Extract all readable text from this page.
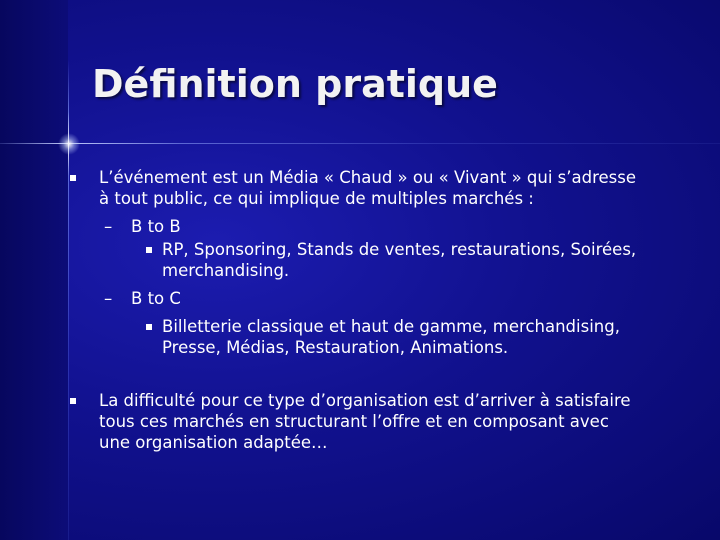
Définition pratique

L’événement est un Média « Chaud » ou « Vivant » qui s’adresse

à tout public, ce qui implique de multiples marchés :

– B to B

RP, Sponsoring, Stands de ventes, restaurations, Soirées,

merchandising.

– B to C

Billetterie classique et haut de gamme, merchandising,

Presse, Médias, Restauration, Animations.

La difficulté pour ce type d’organisation est d’arriver à satisfaire

tous ces marchés en structurant l’offre et en composant avec

une organisation adaptée…
